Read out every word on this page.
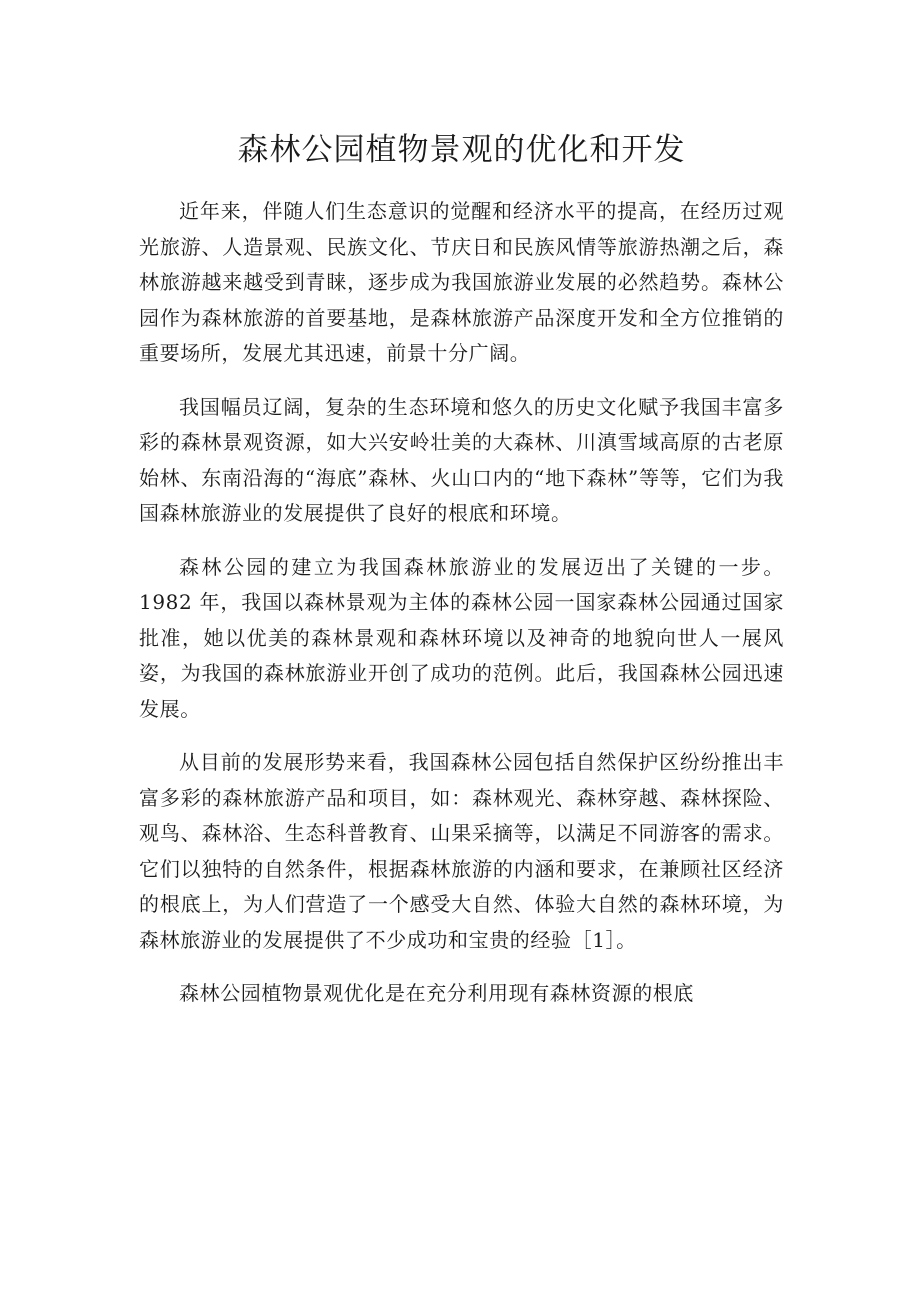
森林公园植物景观的优化和开发

近年来，伴随人们生态意识的觉醒和经济水平的提高，在经历过观光旅游、人造景观、民族文化、节庆日和民族风情等旅游热潮之后，森林旅游越来越受到青睐，逐步成为我国旅游业发展的必然趋势。森林公园作为森林旅游的首要基地，是森林旅游产品深度开发和全方位推销的重要场所，发展尤其迅速，前景十分广阔。

我国幅员辽阔，复杂的生态环境和悠久的历史文化赋予我国丰富多彩的森林景观资源，如大兴安岭壮美的大森林、川滇雪域高原的古老原始林、东南沿海的“海底”森林、火山口内的“地下森林”等等，它们为我国森林旅游业的发展提供了良好的根底和环境。

森林公园的建立为我国森林旅游业的发展迈出了关键的一步。1982 年，我国以森林景观为主体的森林公园一国家森林公园通过国家批准，她以优美的森林景观和森林环境以及神奇的地貌向世人一展风姿，为我国的森林旅游业开创了成功的范例。此后，我国森林公园迅速发展。

从目前的发展形势来看，我国森林公园包括自然保护区纷纷推出丰富多彩的森林旅游产品和项目，如：森林观光、森林穿越、森林探险、观鸟、森林浴、生态科普教育、山果采摘等，以满足不同游客的需求。它们以独特的自然条件，根据森林旅游的内涵和要求，在兼顾社区经济的根底上，为人们营造了一个感受大自然、体验大自然的森林环境，为森林旅游业的发展提供了不少成功和宝贵的经验［1］。

森林公园植物景观优化是在充分利用现有森林资源的根底
